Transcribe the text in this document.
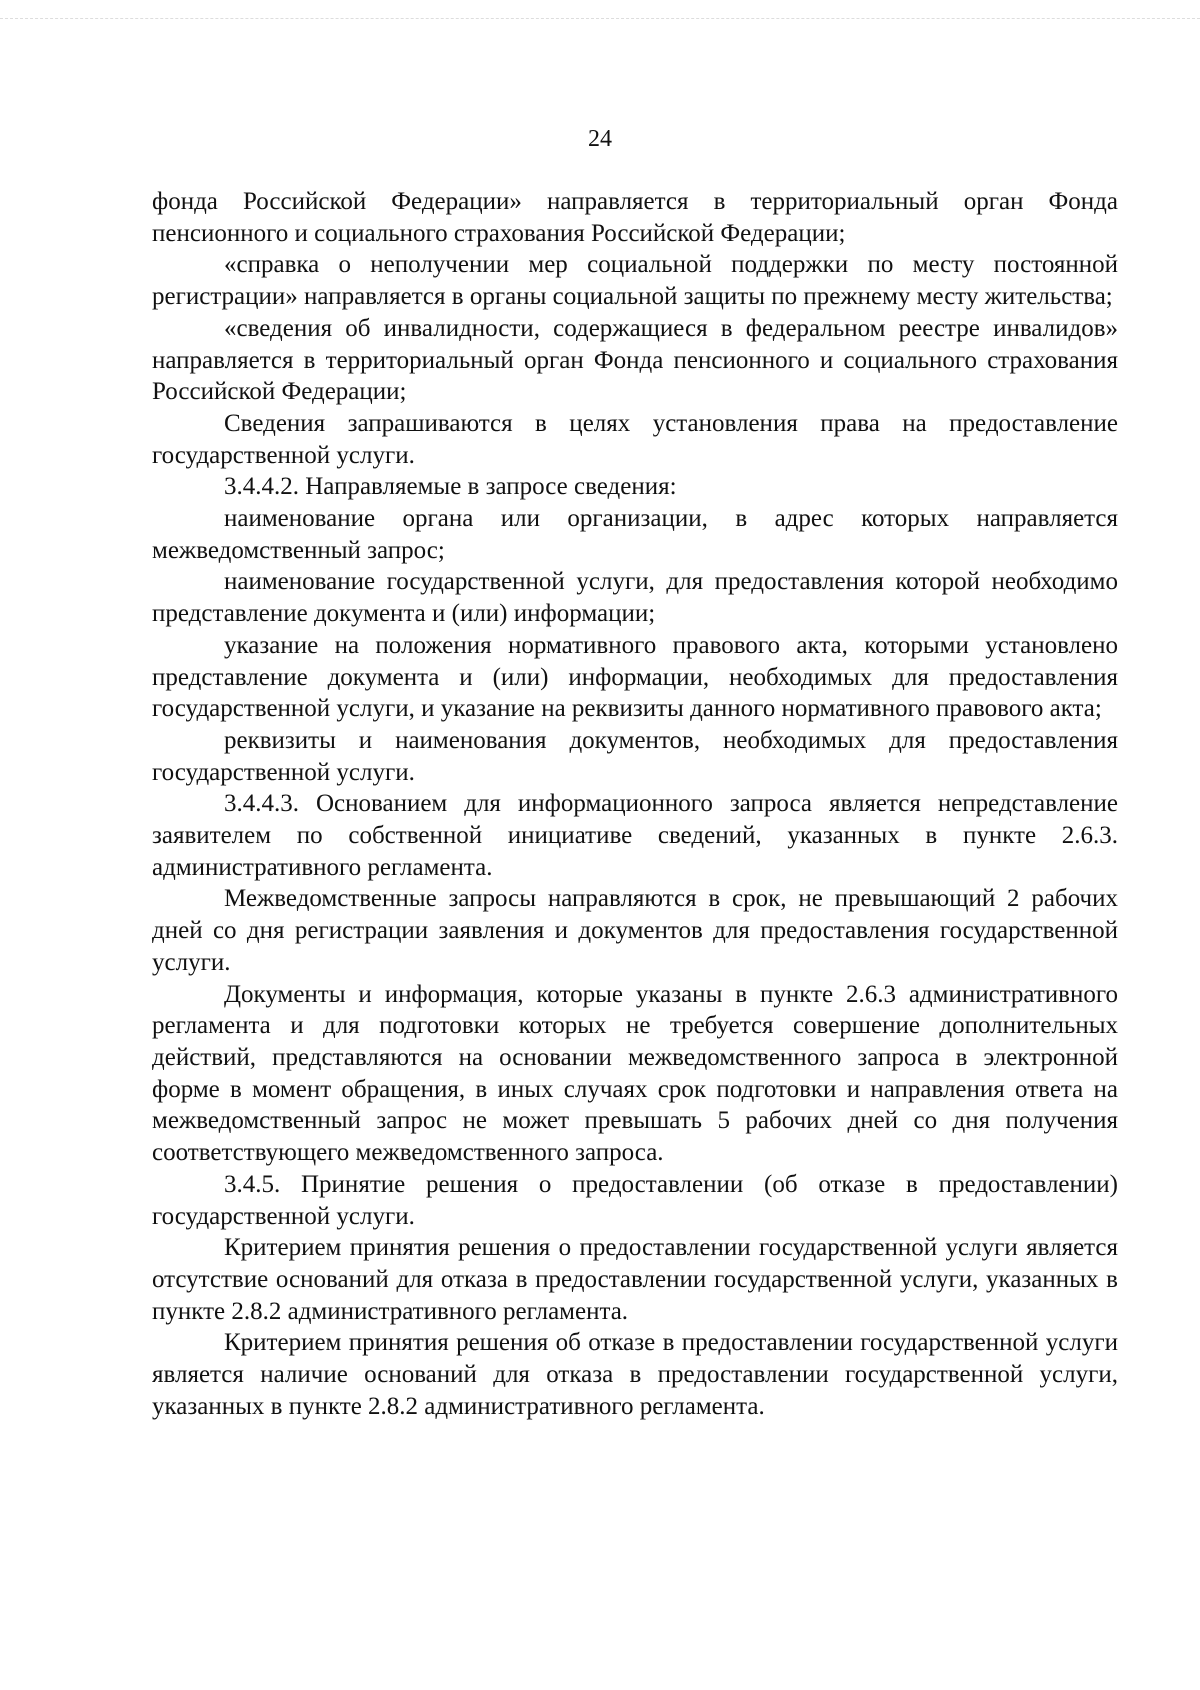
24

фонда Российской Федерации» направляется в территориальный орган Фонда пенсионного и социального страхования Российской Федерации;

«справка о неполучении мер социальной поддержки по месту постоянной регистрации» направляется в органы социальной защиты по прежнему месту жительства;

«сведения об инвалидности, содержащиеся в федеральном реестре инвалидов» направляется в территориальный орган Фонда пенсионного и социального страхования Российской Федерации;

Сведения запрашиваются в целях установления права на предоставление государственной услуги.

3.4.4.2. Направляемые в запросе сведения:

наименование органа или организации, в адрес которых направляется межведомственный запрос;

наименование государственной услуги, для предоставления которой необходимо представление документа и (или) информации;

указание на положения нормативного правового акта, которыми установлено представление документа и (или) информации, необходимых для предоставления государственной услуги, и указание на реквизиты данного нормативного правового акта;

реквизиты и наименования документов, необходимых для предоставления государственной услуги.

3.4.4.3. Основанием для информационного запроса является непредставление заявителем по собственной инициативе сведений, указанных в пункте 2.6.3. административного регламента.

Межведомственные запросы направляются в срок, не превышающий 2 рабочих дней со дня регистрации заявления и документов для предоставления государственной услуги.

Документы и информация, которые указаны в пункте 2.6.3 административного регламента и для подготовки которых не требуется совершение дополнительных действий, представляются на основании межведомственного запроса в электронной форме в момент обращения, в иных случаях срок подготовки и направления ответа на межведомственный запрос не может превышать 5 рабочих дней со дня получения соответствующего межведомственного запроса.

3.4.5. Принятие решения о предоставлении (об отказе в предоставлении) государственной услуги.

Критерием принятия решения о предоставлении государственной услуги является отсутствие оснований для отказа в предоставлении государственной услуги, указанных в пункте 2.8.2 административного регламента.

Критерием принятия решения об отказе в предоставлении государственной услуги является наличие оснований для отказа в предоставлении государственной услуги, указанных в пункте 2.8.2 административного регламента.
